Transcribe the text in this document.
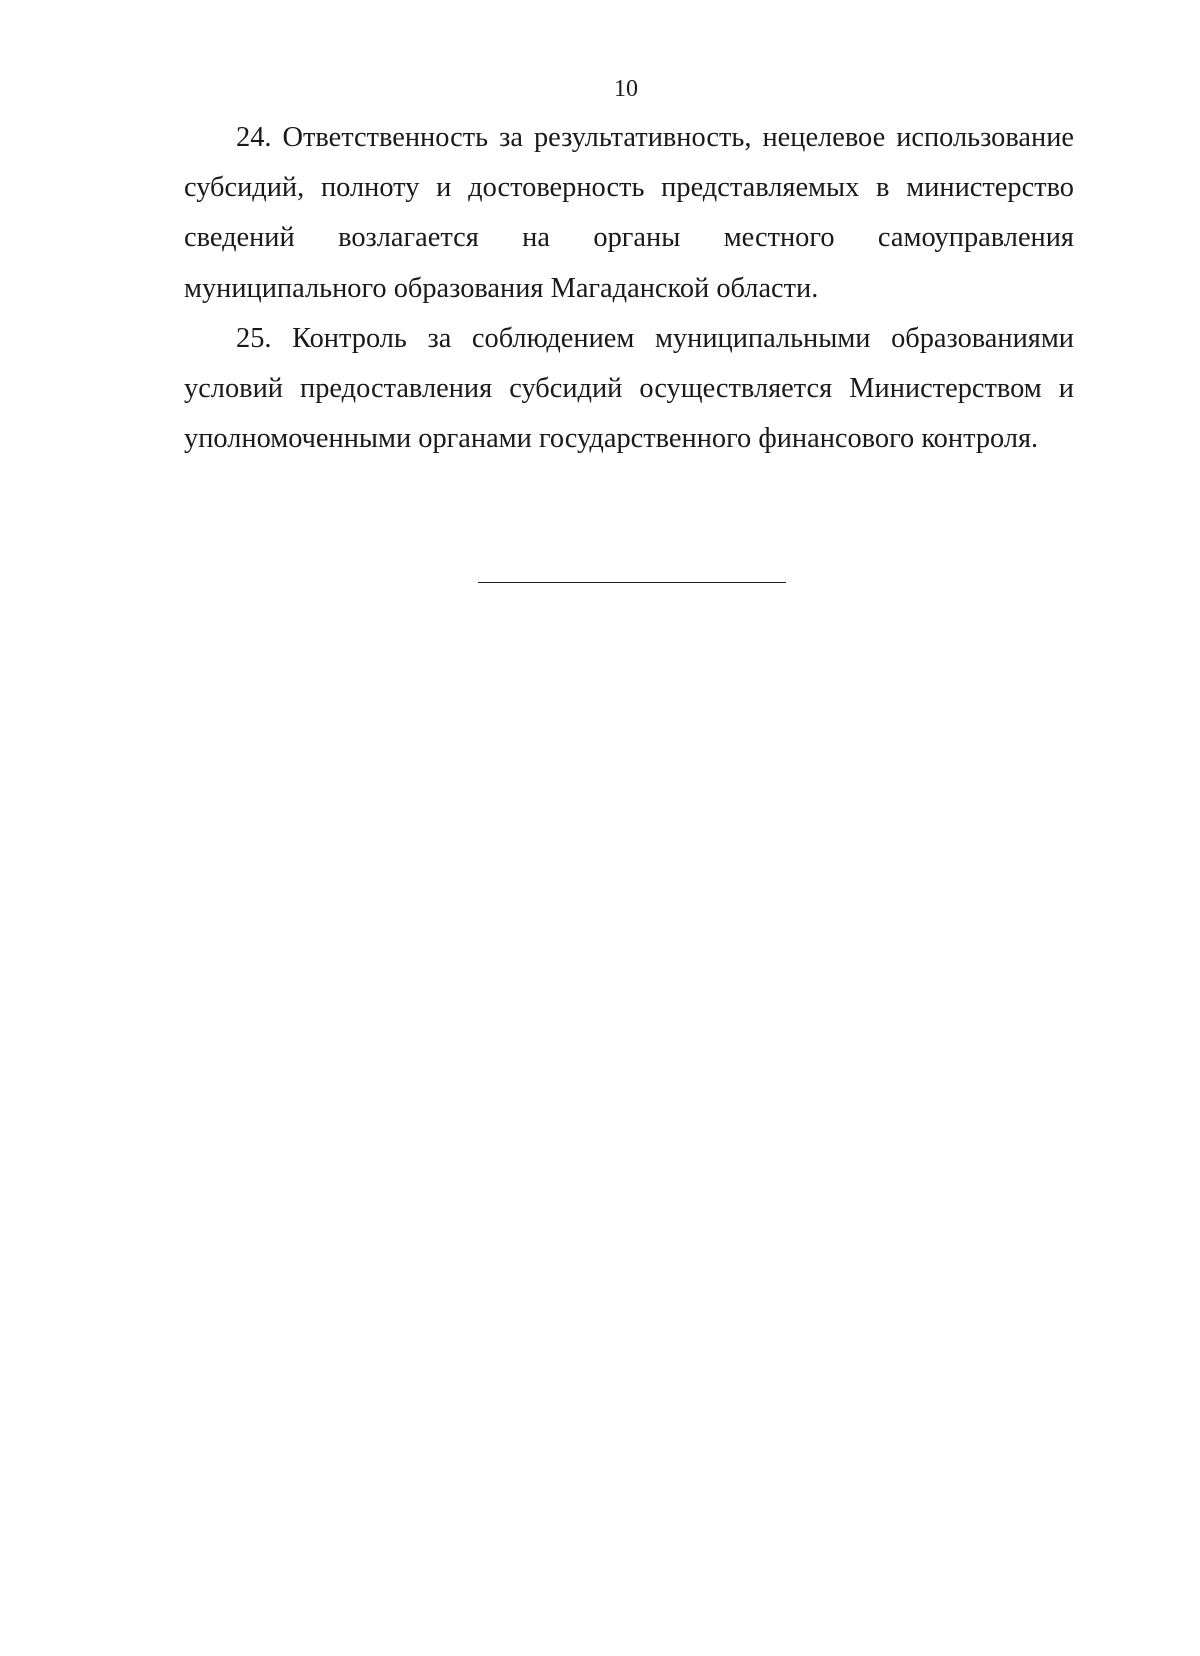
10

24. Ответственность за результативность, нецелевое использование
субсидий, полноту и достоверность представляемых в министерство
сведений возлагается на органы местного самоуправления
муниципального образования Магаданской области.

25. Контроль за соблюдением муниципальными образованиями
условий предоставления субсидий осуществляется Министерством и
уполномоченными органами государственного финансового контроля.
